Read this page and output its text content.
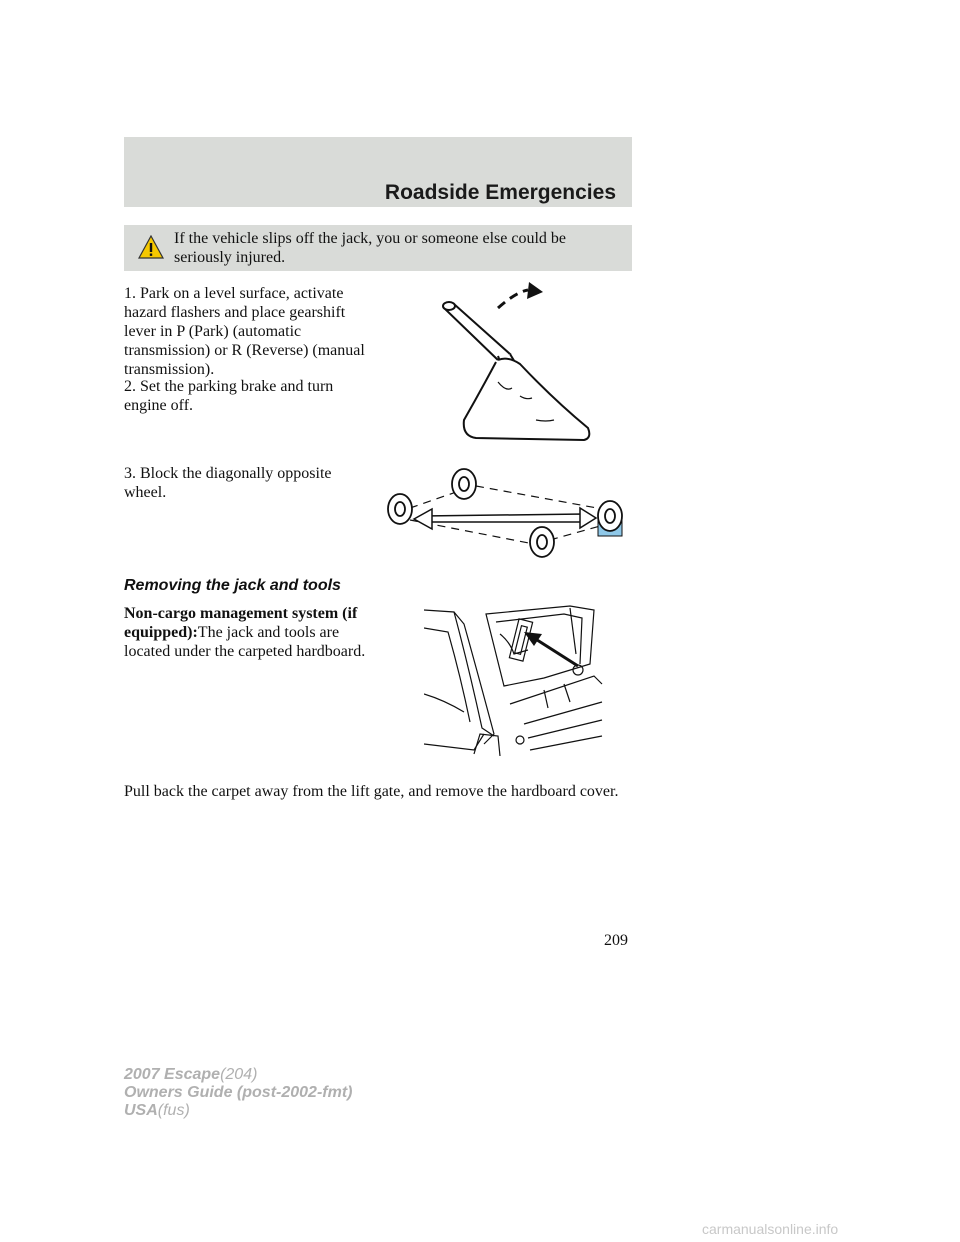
Roadside Emergencies
If the vehicle slips off the jack, you or someone else could be seriously injured.
1. Park on a level surface, activate hazard flashers and place gearshift lever in P (Park) (automatic transmission) or R (Reverse) (manual transmission).
2. Set the parking brake and turn engine off.
3. Block the diagonally opposite wheel.
Removing the jack and tools
Non-cargo management system (if equipped):The jack and tools are located under the carpeted hardboard.
Pull back the carpet away from the lift gate, and remove the hardboard cover.
209
2007 Escape(204)
Owners Guide (post-2002-fmt)
USA(fus)
carmanualsonline.info
